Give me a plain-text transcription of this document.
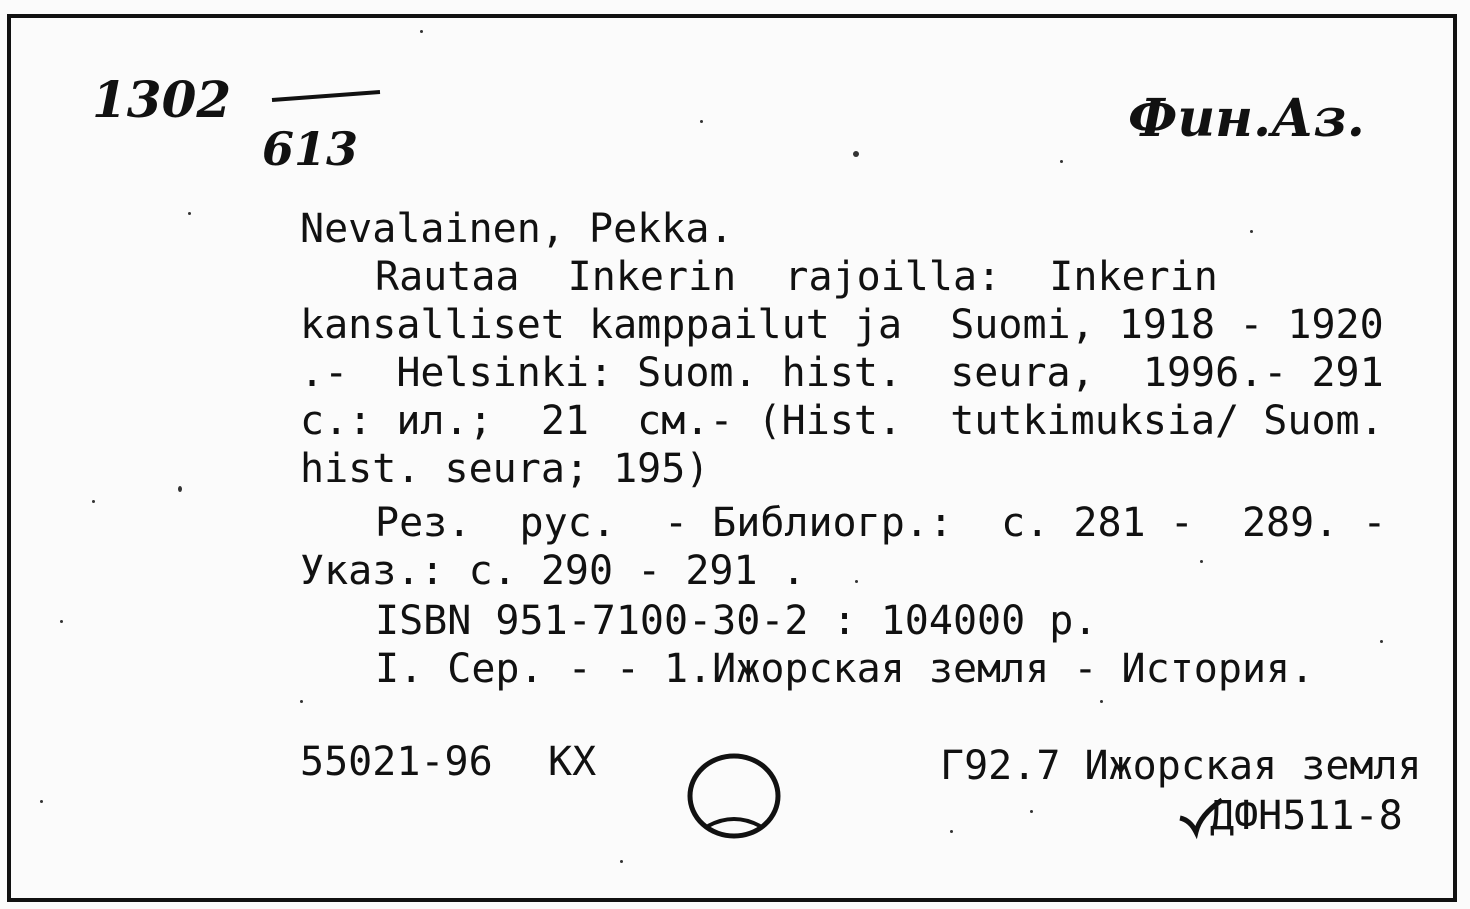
1302
613	Фин.Аз.
Nevalainen, Pekka.
Rautaa  Inkerin  rajoilla:  Inkerin
kansalliset kamppailut ja  Suomi, 1918 - 1920
.-  Helsinki: Suom. hist.  seura,  1996.- 291
с.: ил.;  21  см.- (Hist.  tutkimuksia/ Suom.
hist. seura; 195)
Рез.  рус.  - Библиогр.:  с. 281 -  289. -
Указ.: с. 290 - 291 .
ISBN 951-7100-30-2 : 104000 р.
I. Сер. - - 1.Ижорская земля - История.
55021-96 КХ	Г92.7 Ижорская земля
ДФН511-8
